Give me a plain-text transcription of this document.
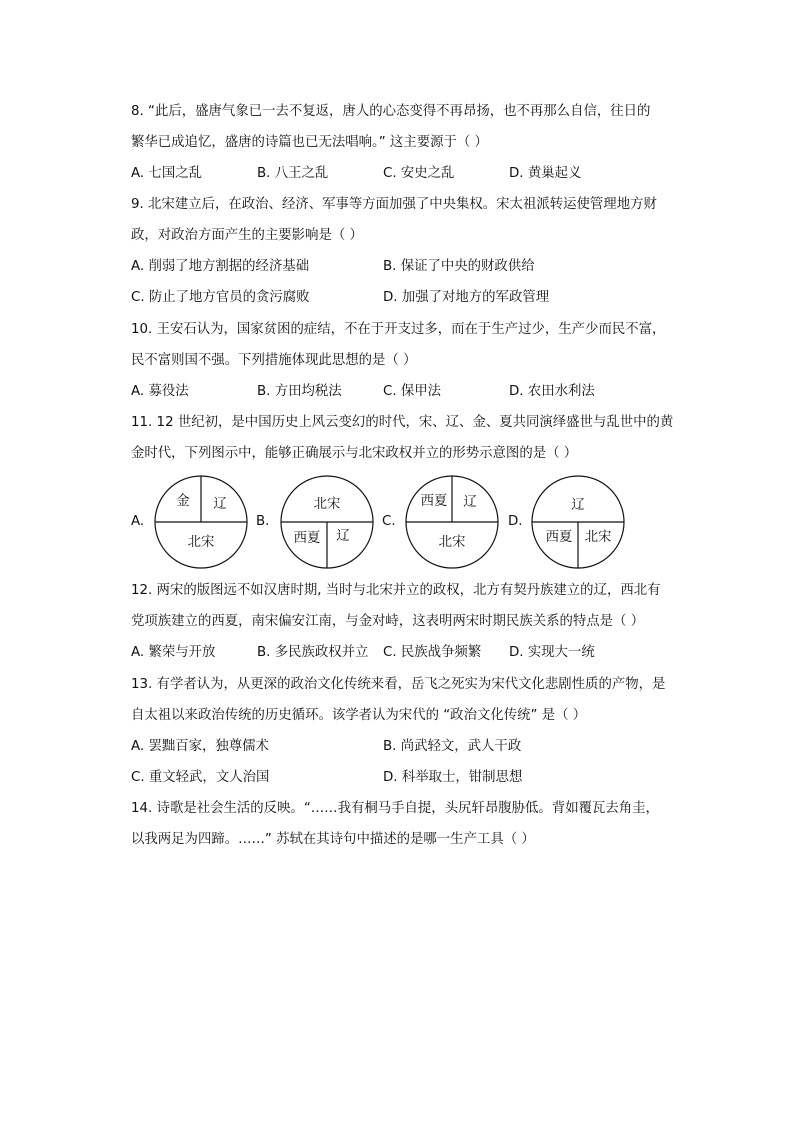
8. “此后，盛唐气象已一去不复返，唐人的心态变得不再昂扬，也不再那么自信，往日的
繁华已成追忆，盛唐的诗篇也已无法唱响。” 这主要源于（ ）
A. 七国之乱	B. 八王之乱	C. 安史之乱	D. 黄巢起义
9. 北宋建立后，在政治、经济、军事等方面加强了中央集权。宋太祖派转运使管理地方财
政，对政治方面产生的主要影响是（ ）
A. 削弱了地方割据的经济基础	B. 保证了中央的财政供给
C. 防止了地方官员的贪污腐败	D. 加强了对地方的军政管理
10. 王安石认为，国家贫困的症结，不在于开支过多，而在于生产过少，生产少而民不富，
民不富则国不强。下列措施体现此思想的是（ ）
A. 募役法	B. 方田均税法	C. 保甲法	D. 农田水利法
11. 12 世纪初，是中国历史上风云变幻的时代，宋、辽、金、夏共同演绎盛世与乱世中的黄
金时代，下列图示中，能够正确展示与北宋政权并立的形势示意图的是（ ）
A.	B.	C.	D.
金 辽
北宋
北宋
西夏 辽
西夏 辽
北宋
辽
西夏 北宋
12. 两宋的版图远不如汉唐时期, 当时与北宋并立的政权，北方有契丹族建立的辽，西北有
党项族建立的西夏，南宋偏安江南，与金对峙，这表明两宋时期民族关系的特点是（ ）
A. 繁荣与开放	B. 多民族政权并立 C. 民族战争频繁 D. 实现大一统
13. 有学者认为，从更深的政治文化传统来看，岳飞之死实为宋代文化悲剧性质的产物，是
自太祖以来政治传统的历史循环。该学者认为宋代的 “政治文化传统” 是（ ）
A. 罢黜百家，独尊儒术	B. 尚武轻文，武人干政
C. 重文轻武，文人治国	D. 科举取士，钳制思想
14. 诗歌是社会生活的反映。“……我有桐马手自提，头尻轩昂腹胁低。背如覆瓦去角圭，
以我两足为四蹄。……” 苏轼在其诗句中描述的是哪一生产工具（ ）
